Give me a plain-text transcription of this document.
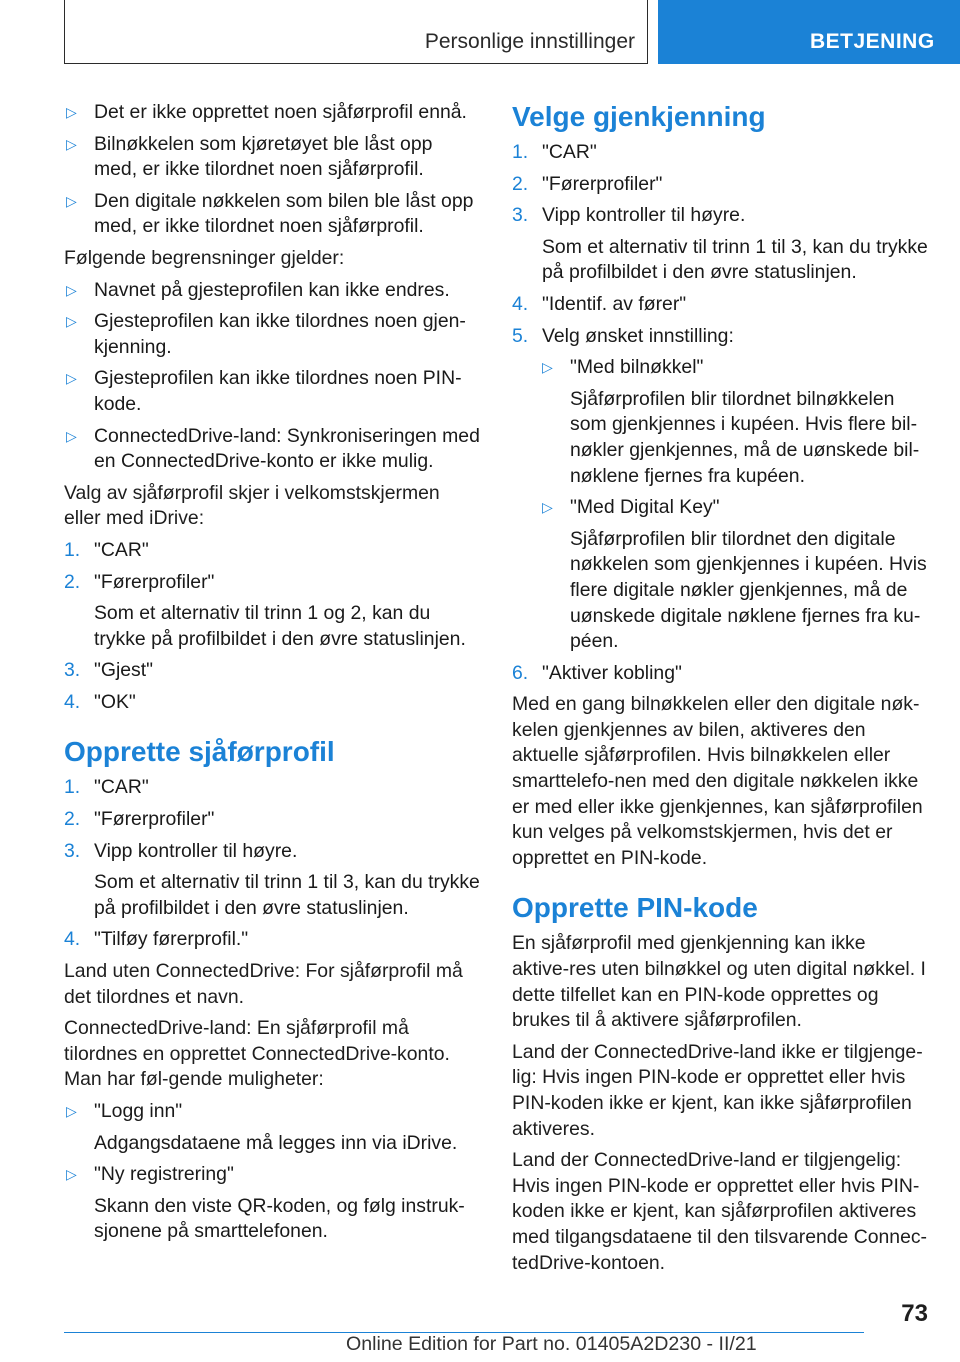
Personlige innstillinger	BETJENING
▷ Det er ikke opprettet noen sjåførprofil ennå.
▷ Bilnøkkelen som kjøretøyet ble låst opp med, er ikke tilordnet noen sjåførprofil.
▷ Den digitale nøkkelen som bilen ble låst opp med, er ikke tilordnet noen sjåførprofil.

Følgende begrensninger gjelder:

▷ Navnet på gjesteprofilen kan ikke endres.
▷ Gjesteprofilen kan ikke tilordnes noen gjen-kjenning.
▷ Gjesteprofilen kan ikke tilordnes noen PIN-kode.
▷ ConnectedDrive-land: Synkroniseringen med en ConnectedDrive-konto er ikke mulig.

Valg av sjåførprofil skjer i velkomstskjermen eller med iDrive:

1. "CAR"
2. "Førerprofiler"
Som et alternativ til trinn 1 og 2, kan du trykke på profilbildet i den øvre statuslinjen.
3. "Gjest"
4. "OK"
Opprette sjåførprofil
1. "CAR"
2. "Førerprofiler"
3. Vipp kontroller til høyre.
Som et alternativ til trinn 1 til 3, kan du trykke på profilbildet i den øvre statuslinjen.
4. "Tilføy førerprofil."

Land uten ConnectedDrive: For sjåførprofil må det tilordnes et navn.

ConnectedDrive-land: En sjåførprofil må tilordnes en opprettet ConnectedDrive-konto. Man har føl-gende muligheter:

▷ "Logg inn"
Adgangsdataene må legges inn via iDrive.
▷ "Ny registrering"
Skann den viste QR-koden, og følg instruk-sjonene på smarttelefonen.
Velge gjenkjenning
1. "CAR"
2. "Førerprofiler"
3. Vipp kontroller til høyre.
Som et alternativ til trinn 1 til 3, kan du trykke på profilbildet i den øvre statuslinjen.
4. "Identif. av fører"
5. Velg ønsket innstilling:
▷ "Med bilnøkkel"
Sjåførprofilen blir tilordnet bilnøkkelen som gjenkjennes i kupéen. Hvis flere bil-nøkler gjenkjennes, må de uønskede bil-nøklene fjernes fra kupéen.
▷ "Med Digital Key"
Sjåførprofilen blir tilordnet den digitale nøkkelen som gjenkjennes i kupéen. Hvis flere digitale nøkler gjenkjennes, må de uønskede digitale nøklene fjernes fra ku-péen.
6. "Aktiver kobling"

Med en gang bilnøkkelen eller den digitale nøk-kelen gjenkjennes av bilen, aktiveres den aktuelle sjåførprofilen. Hvis bilnøkkelen eller smarttelefo-nen med den digitale nøkkelen ikke er med eller ikke gjenkjennes, kan sjåførprofilen kun velges på velkomstskjermen, hvis det er opprettet en PIN-kode.

Opprette PIN-kode

En sjåførprofil med gjenkjenning kan ikke aktive-res uten bilnøkkel og uten digital nøkkel. I dette tilfellet kan en PIN-kode opprettes og brukes til å aktivere sjåførprofilen.

Land der ConnectedDrive-land ikke er tilgjenge-lig: Hvis ingen PIN-kode er opprettet eller hvis PIN-koden ikke er kjent, kan ikke sjåførprofilen aktiveres.

Land der ConnectedDrive-land er tilgjengelig: Hvis ingen PIN-kode er opprettet eller hvis PIN-koden ikke er kjent, kan sjåførprofilen aktiveres med tilgangsdataene til den tilsvarende Connec-tedDrive-kontoen.

73
Online Edition for Part no. 01405A2D230 - II/21
